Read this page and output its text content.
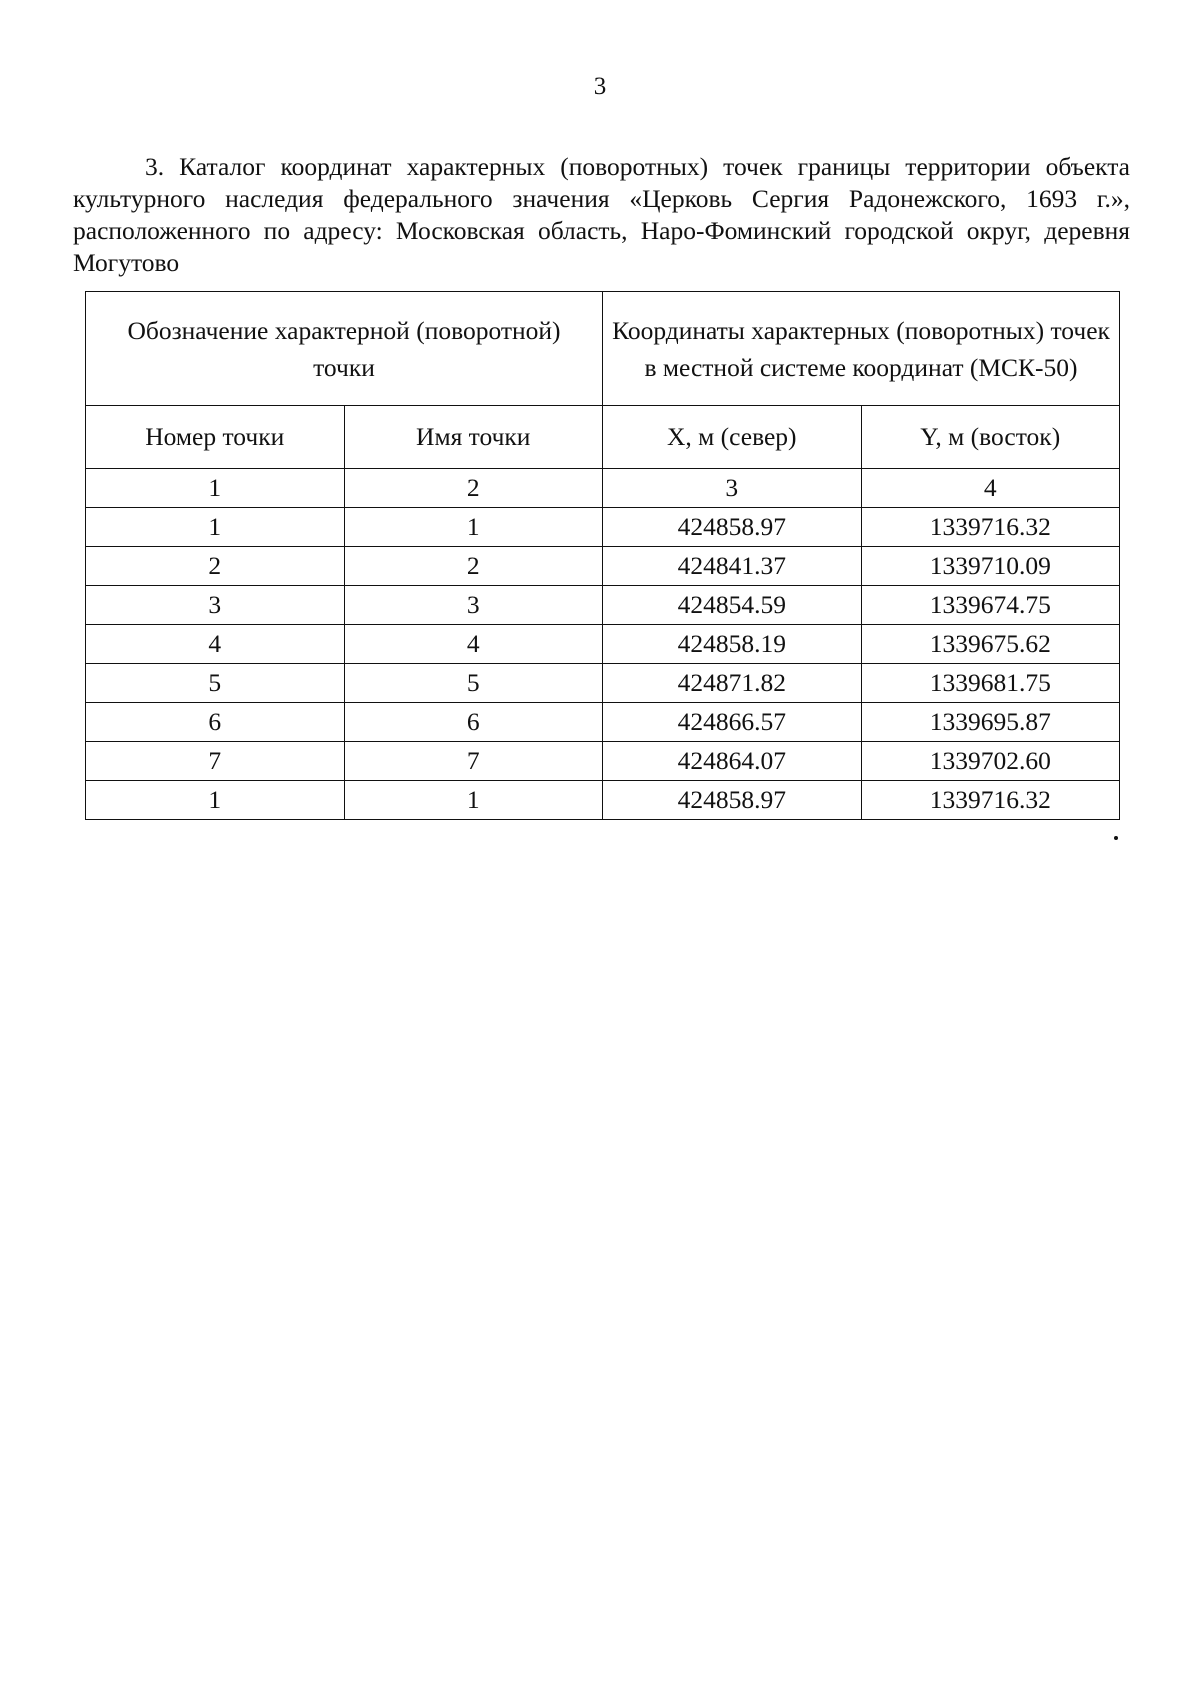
3

3. Каталог координат характерных (поворотных) точек границы территории объекта культурного наследия федерального значения «Церковь Сергия Радонежского, 1693 г.», расположенного по адресу: Московская область, Наро-Фоминский городской округ, деревня Могутово

Обозначение характерной (поворотной) точки		Координаты характерных (поворотных) точек в местной системе координат (МСК-50)	
Номер точки	Имя точки	X, м (север)	Y, м (восток)
1	2	3	4
1	1	424858.97	1339716.32
2	2	424841.37	1339710.09
3	3	424854.59	1339674.75
4	4	424858.19	1339675.62
5	5	424871.82	1339681.75
6	6	424866.57	1339695.87
7	7	424864.07	1339702.60
1	1	424858.97	1339716.32
